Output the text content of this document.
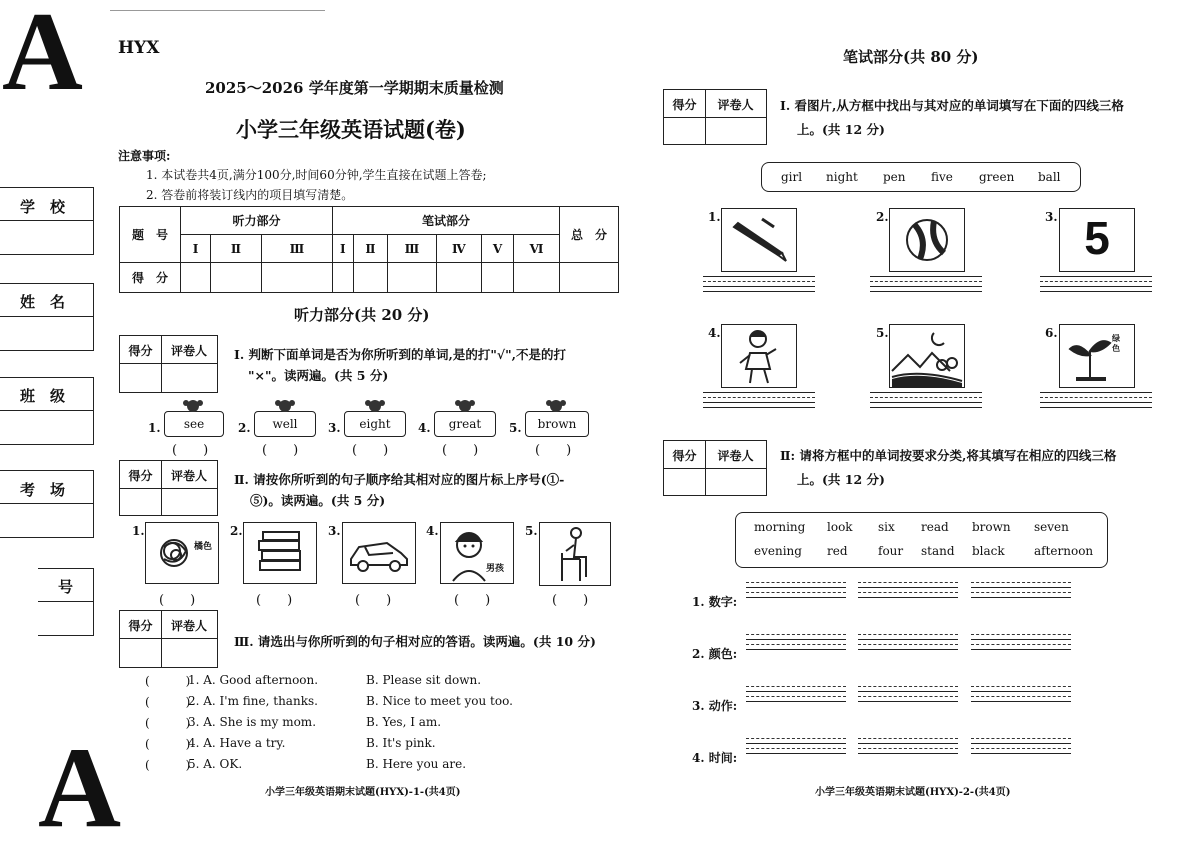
A
A
HYX
2025～2026 学年度第一学期期末质量检测
小学三年级英语试题(卷)
注意事项:
1. 本试卷共4页,满分100分,时间60分钟,学生直接在试题上答卷;
2. 答卷前将装订线内的项目填写清楚。
学　校
姓　名
班　级
考　场
号
题　号	听力部分			笔试部分						总　分
	Ⅰ	Ⅱ	Ⅲ	Ⅰ	Ⅱ	Ⅲ	Ⅳ	Ⅴ	Ⅵ	
得　分										
听力部分(共 20 分)
得分	评卷人	Ⅰ. 判断下面单词是否为你所听到的单词,是的打"√",不是的打
"×"。读两遍。(共 5 分)
1.	see
(　　)
2.	well
(　　)
3.	eight
(　　)
4.	great
(　　)
5.	brown
(　　)
得分	评卷人	Ⅱ. 请按你所听到的句子顺序给其相对应的图片标上序号(①-
⑤)。读两遍。(共 5 分)
1.
橘色
(　　)
2.
(　　)
3.
(　　)
4.
男孩
(　　)
5.
(　　)
得分	评卷人
Ⅲ. 请选出与你所听到的句子相对应的答语。读两遍。(共 10 分)
(　　　)
1. A. Good afternoon.	B. Please sit down.
(　　　)
2. A. I'm fine, thanks.	B. Nice to meet you too.
(　　　)
3. A. She is my mom.	B. Yes, I am.
(　　　)
4. A. Have a try.	B. It's pink.
(　　　)
5. A. OK.	B. Here you are.
小学三年级英语期末试题(HYX)-1-(共4页)
笔试部分(共 80 分)
得分	评卷人	Ⅰ. 看图片,从方框中找出与其对应的单词填写在下面的四线三格
上。(共 12 分)
girl night pen five green ball
1.	2.	3. 5
4.	5.	6.	绿色
得分	评卷人	Ⅱ: 请将方框中的单词按要求分类,将其填写在相应的四线三格
上。(共 12 分)
morning look six read brown seven
evening red	four stand black afternoon
1. 数字:
2. 颜色:
3. 动作:
4. 时间:
小学三年级英语期末试题(HYX)-2-(共4页)
